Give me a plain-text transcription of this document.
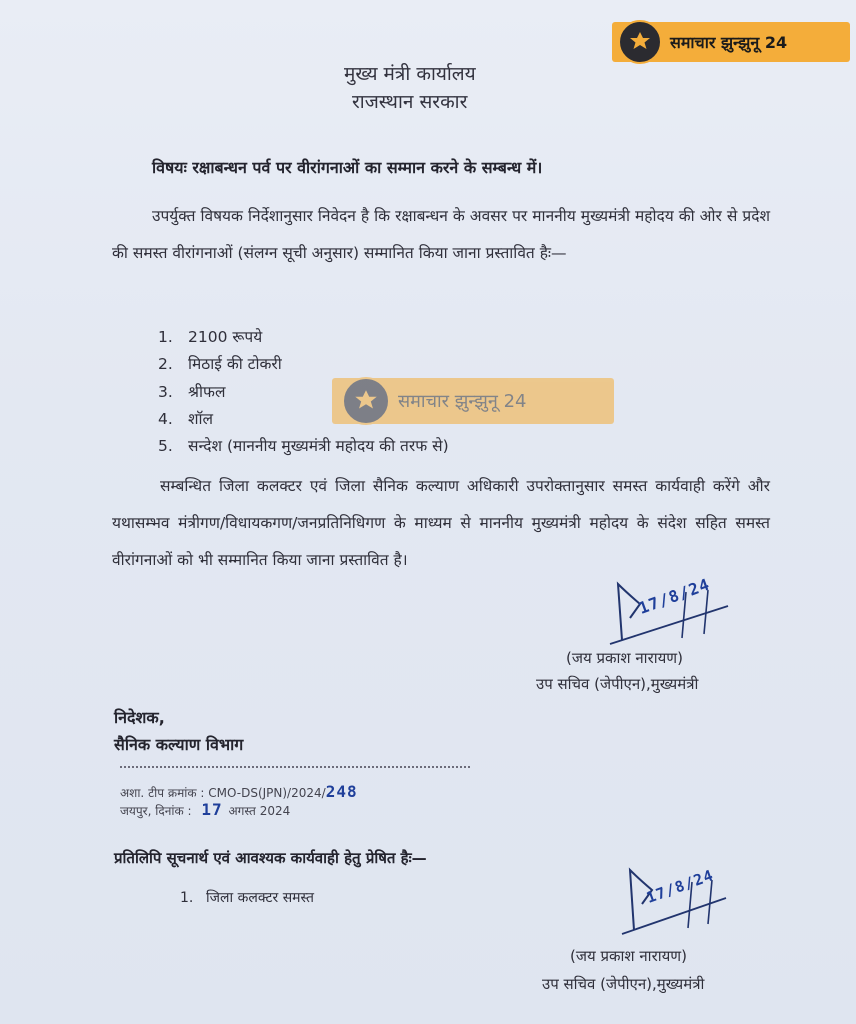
समाचार झुन्झुनू 24
मुख्य मंत्री कार्यालय
राजस्थान सरकार
विषयः रक्षाबन्धन पर्व पर वीरांगनाओं का सम्मान करने के सम्बन्ध में।
उपर्युक्त विषयक निर्देशानुसार निवेदन है कि रक्षाबन्धन के अवसर पर माननीय मुख्यमंत्री महोदय की ओर से प्रदेश की समस्त वीरांगनाओं (संलग्न सूची अनुसार) सम्मानित किया जाना प्रस्तावित हैः—
1. 2100 रूपये
2. मिठाई की टोकरी
3. श्रीफल
4. शॉल
5. सन्देश (माननीय मुख्यमंत्री महोदय की तरफ से)
समाचार झुन्झुनू 24
सम्बन्धित जिला कलक्टर एवं जिला सैनिक कल्याण अधिकारी उपरोक्तानुसार समस्त कार्यवाही करेंगे और यथासम्भव मंत्रीगण/विधायकगण/जनप्रतिनिधिगण के माध्यम से माननीय मुख्यमंत्री महोदय के संदेश सहित समस्त वीरांगनाओं को भी सम्मानित किया जाना प्रस्तावित है।
17/8/24
(जय प्रकाश नारायण)
उप सचिव (जेपीएन),मुख्यमंत्री
निदेशक,
सैनिक कल्याण विभाग
अशा. टीप क्रमांक : CMO-DS(JPN)/2024/248
जयपुर, दिनांक : 17 अगस्त 2024
प्रतिलिपि सूचनार्थ एवं आवश्यक कार्यवाही हेतु प्रेषित हैः—
1. जिला कलक्टर समस्त	17/8/24
(जय प्रकाश नारायण)
उप सचिव (जेपीएन),मुख्यमंत्री
